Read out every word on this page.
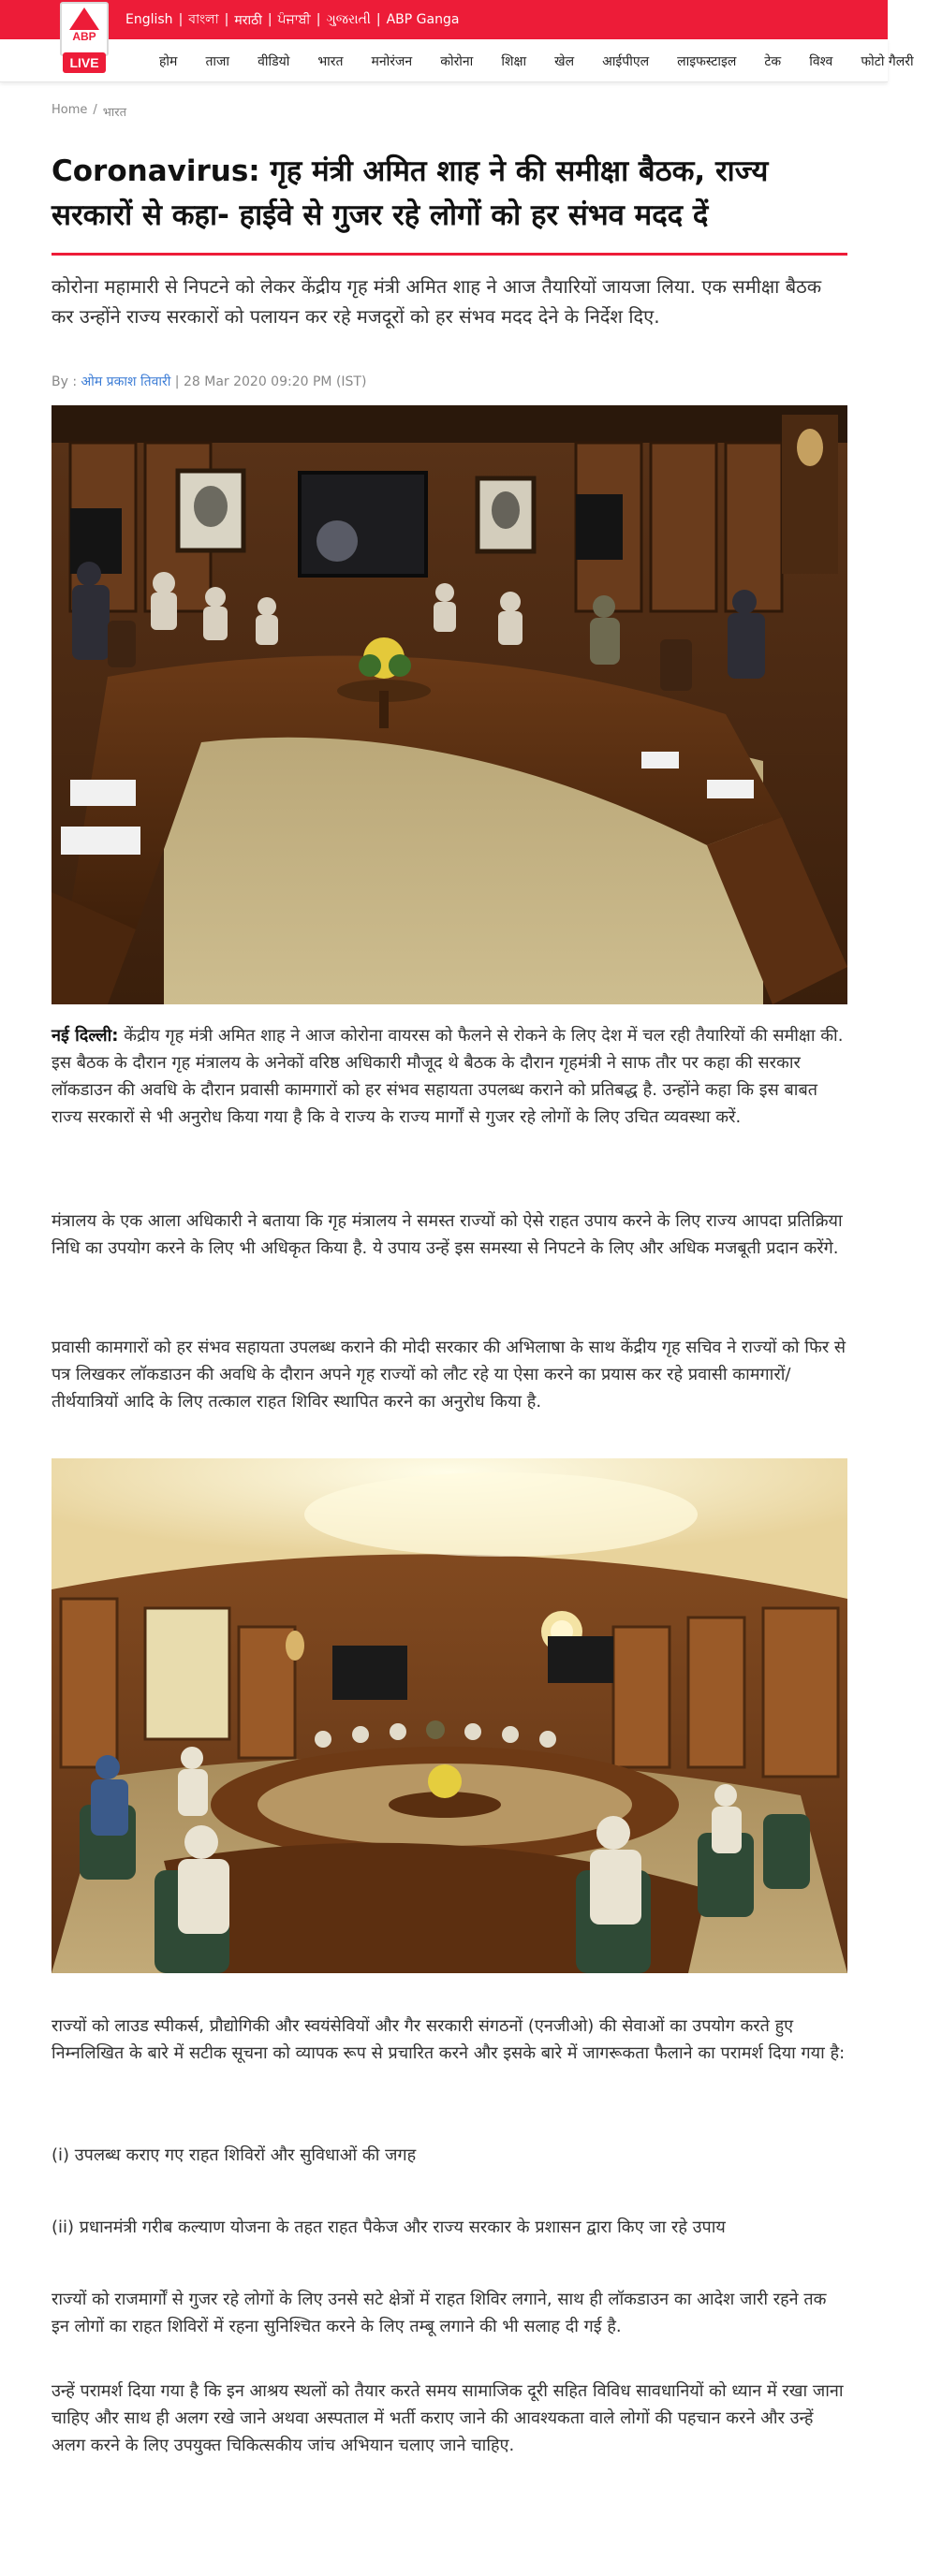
English | বাংলা | मराठी | ਪੰਜਾਬੀ | ગુજરાતી | ABP Ganga
ABP
LIVE	होम ताजा वीडियो भारत मनोरंजन कोरोना शिक्षा खेल आईपीएल लाइफस्टाइल टेक विश्व फोटो गैलरी
Home / भारत
Coronavirus: गृह मंत्री अमित शाह ने की समीक्षा बैठक, राज्य सरकारों से कहा- हाईवे से गुजर रहे लोगों को हर संभव मदद दें

कोरोना महामारी से निपटने को लेकर केंद्रीय गृह मंत्री अमित शाह ने आज तैयारियों जायजा लिया. एक समीक्षा बैठक कर उन्होंने राज्य सरकारों को पलायन कर रहे मजदूरों को हर संभव मदद देने के निर्देश दिए.

By : ओम प्रकाश तिवारी | 28 Mar 2020 09:20 PM (IST)

नई दिल्ली: केंद्रीय गृह मंत्री अमित शाह ने आज कोरोना वायरस को फैलने से रोकने के लिए देश में चल रही तैयारियों की समीक्षा की. इस बैठक के दौरान गृह मंत्रालय के अनेकों वरिष्ठ अधिकारी मौजूद थे बैठक के दौरान गृहमंत्री ने साफ तौर पर कहा की सरकार लॉकडाउन की अवधि के दौरान प्रवासी कामगारों को हर संभव सहायता उपलब्ध कराने को प्रतिबद्ध है. उन्होंने कहा कि इस बाबत राज्य सरकारों से भी अनुरोध किया गया है कि वे राज्य के राज्य मार्गों से गुजर रहे लोगों के लिए उचित व्यवस्था करें.

मंत्रालय के एक आला अधिकारी ने बताया कि गृह मंत्रालय ने समस्त राज्यों को ऐसे राहत उपाय करने के लिए राज्य आपदा प्रतिक्रिया निधि का उपयोग करने के लिए भी अधिकृत किया है. ये उपाय उन्हें इस समस्या से निपटने के लिए और अधिक मजबूती प्रदान करेंगे.

प्रवासी कामगारों को हर संभव सहायता उपलब्ध कराने की मोदी सरकार की अभिलाषा के साथ केंद्रीय गृह सचिव ने राज्यों को फिर से पत्र लिखकर लॉकडाउन की अवधि के दौरान अपने गृह राज्यों को लौट रहे या ऐसा करने का प्रयास कर रहे प्रवासी कामगारों/तीर्थयात्रियों आदि के लिए तत्काल राहत शिविर स्थापित करने का अनुरोध किया है.

राज्यों को लाउड स्पीकर्स, प्रौद्योगिकी और स्वयंसेवियों और गैर सरकारी संगठनों (एनजीओ) की सेवाओं का उपयोग करते हुए निम्नलिखित के बारे में सटीक सूचना को व्यापक रूप से प्रचारित करने और इसके बारे में जागरूकता फैलाने का परामर्श दिया गया है:

(i) उपलब्ध कराए गए राहत शिविरों और सुविधाओं की जगह

(ii) प्रधानमंत्री गरीब कल्याण योजना के तहत राहत पैकेज और राज्य सरकार के प्रशासन द्वारा किए जा रहे उपाय

राज्यों को राजमार्गों से गुजर रहे लोगों के लिए उनसे सटे क्षेत्रों में राहत शिविर लगाने, साथ ही लॉकडाउन का आदेश जारी रहने तक इन लोगों का राहत शिविरों में रहना सुनिश्चित करने के लिए तम्बू लगाने की भी सलाह दी गई है.

उन्हें परामर्श दिया गया है कि इन आश्रय स्थलों को तैयार करते समय सामाजिक दूरी सहित विविध सावधानियों को ध्यान में रखा जाना चाहिए और साथ ही अलग रखे जाने अथवा अस्पताल में भर्ती कराए जाने की आवश्यकता वाले लोगों की पहचान करने और उन्हें अलग करने के लिए उपयुक्त चिकित्सकीय जांच अभियान चलाए जाने चाहिए.
